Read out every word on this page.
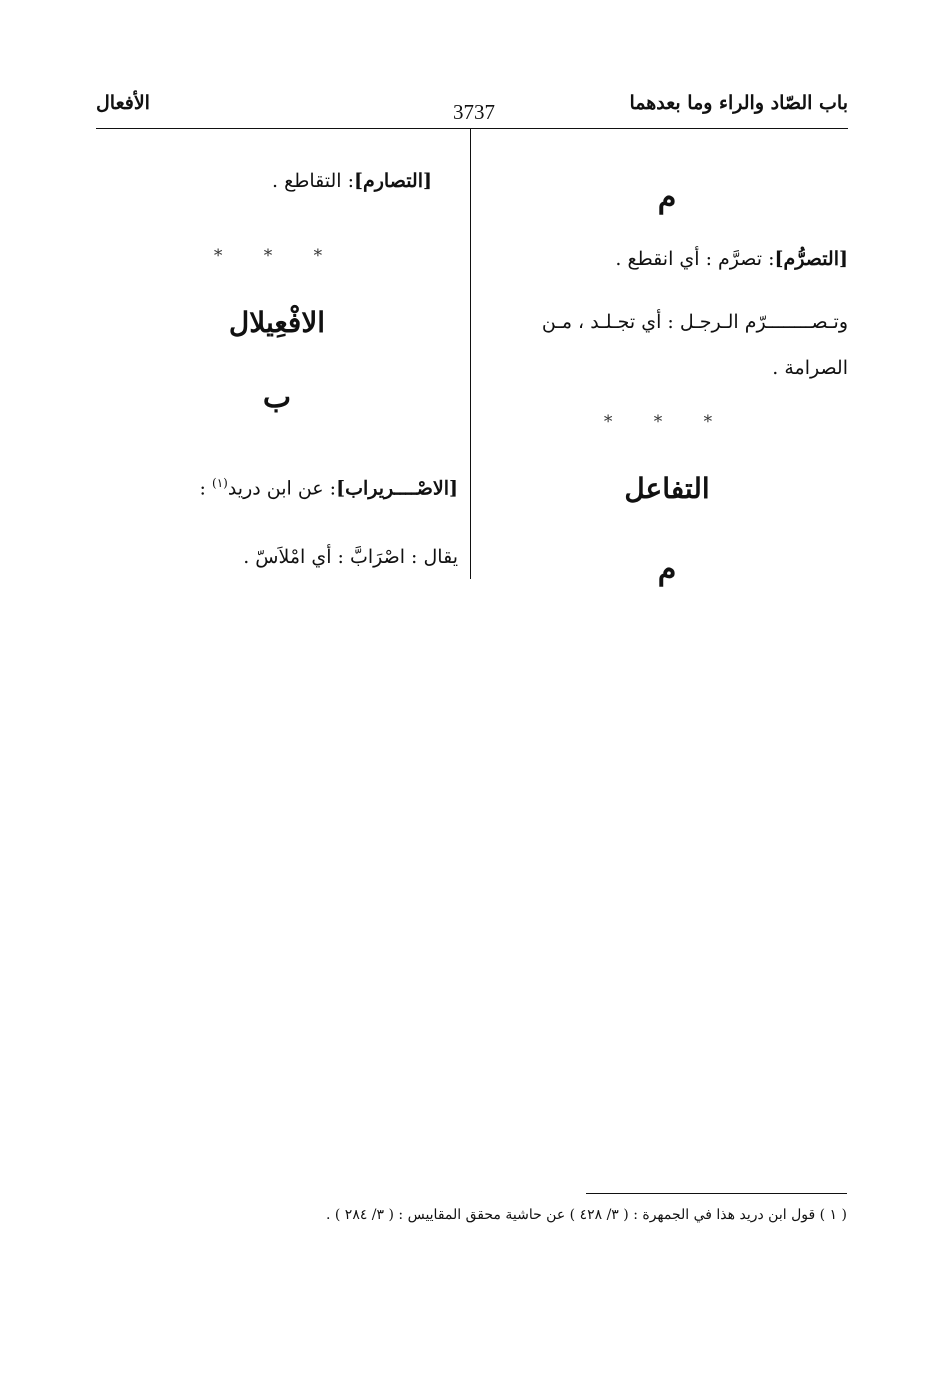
باب الصّاد والراء وما بعدهما
3737
الأفعال
م
[التصرُّم]: تصرَّم : أي انقطع .
وتـصــــــــرّم الـرجـل : أي تجـلـد ، مـن
الصرامة .
* * *
التفاعل
م
[التصارم]: التقاطع .
* * *
الافْعِيلال
ب
[الاصْــــريراب]: عن ابن دريد$^{(١)}$ :
يقال : اصْرَابَّ : أي امْلاَسّ .
( ١ ) قول ابن دريد هذا في الجمهرة : ( ٣/ ٤٢٨ ) عن حاشية محقق المقاييس : ( ٣/ ٢٨٤ ) .
